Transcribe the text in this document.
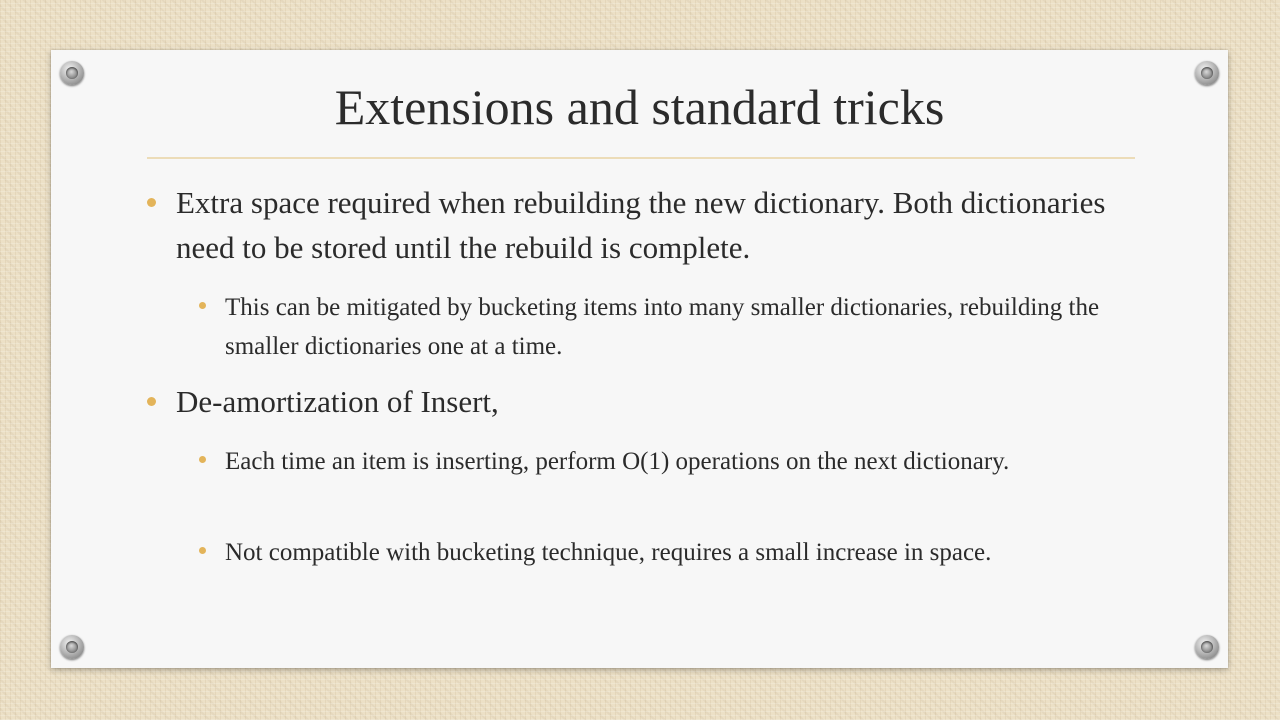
Extensions and standard tricks
Extra space required when rebuilding the new dictionary. Both dictionaries need to be stored until the rebuild is complete.
This can be mitigated by bucketing items into many smaller dictionaries, rebuilding the smaller dictionaries one at a time.
De-amortization of Insert,
Each time an item is inserting, perform O(1) operations on the next dictionary.
Not compatible with bucketing technique, requires a small increase in space.
